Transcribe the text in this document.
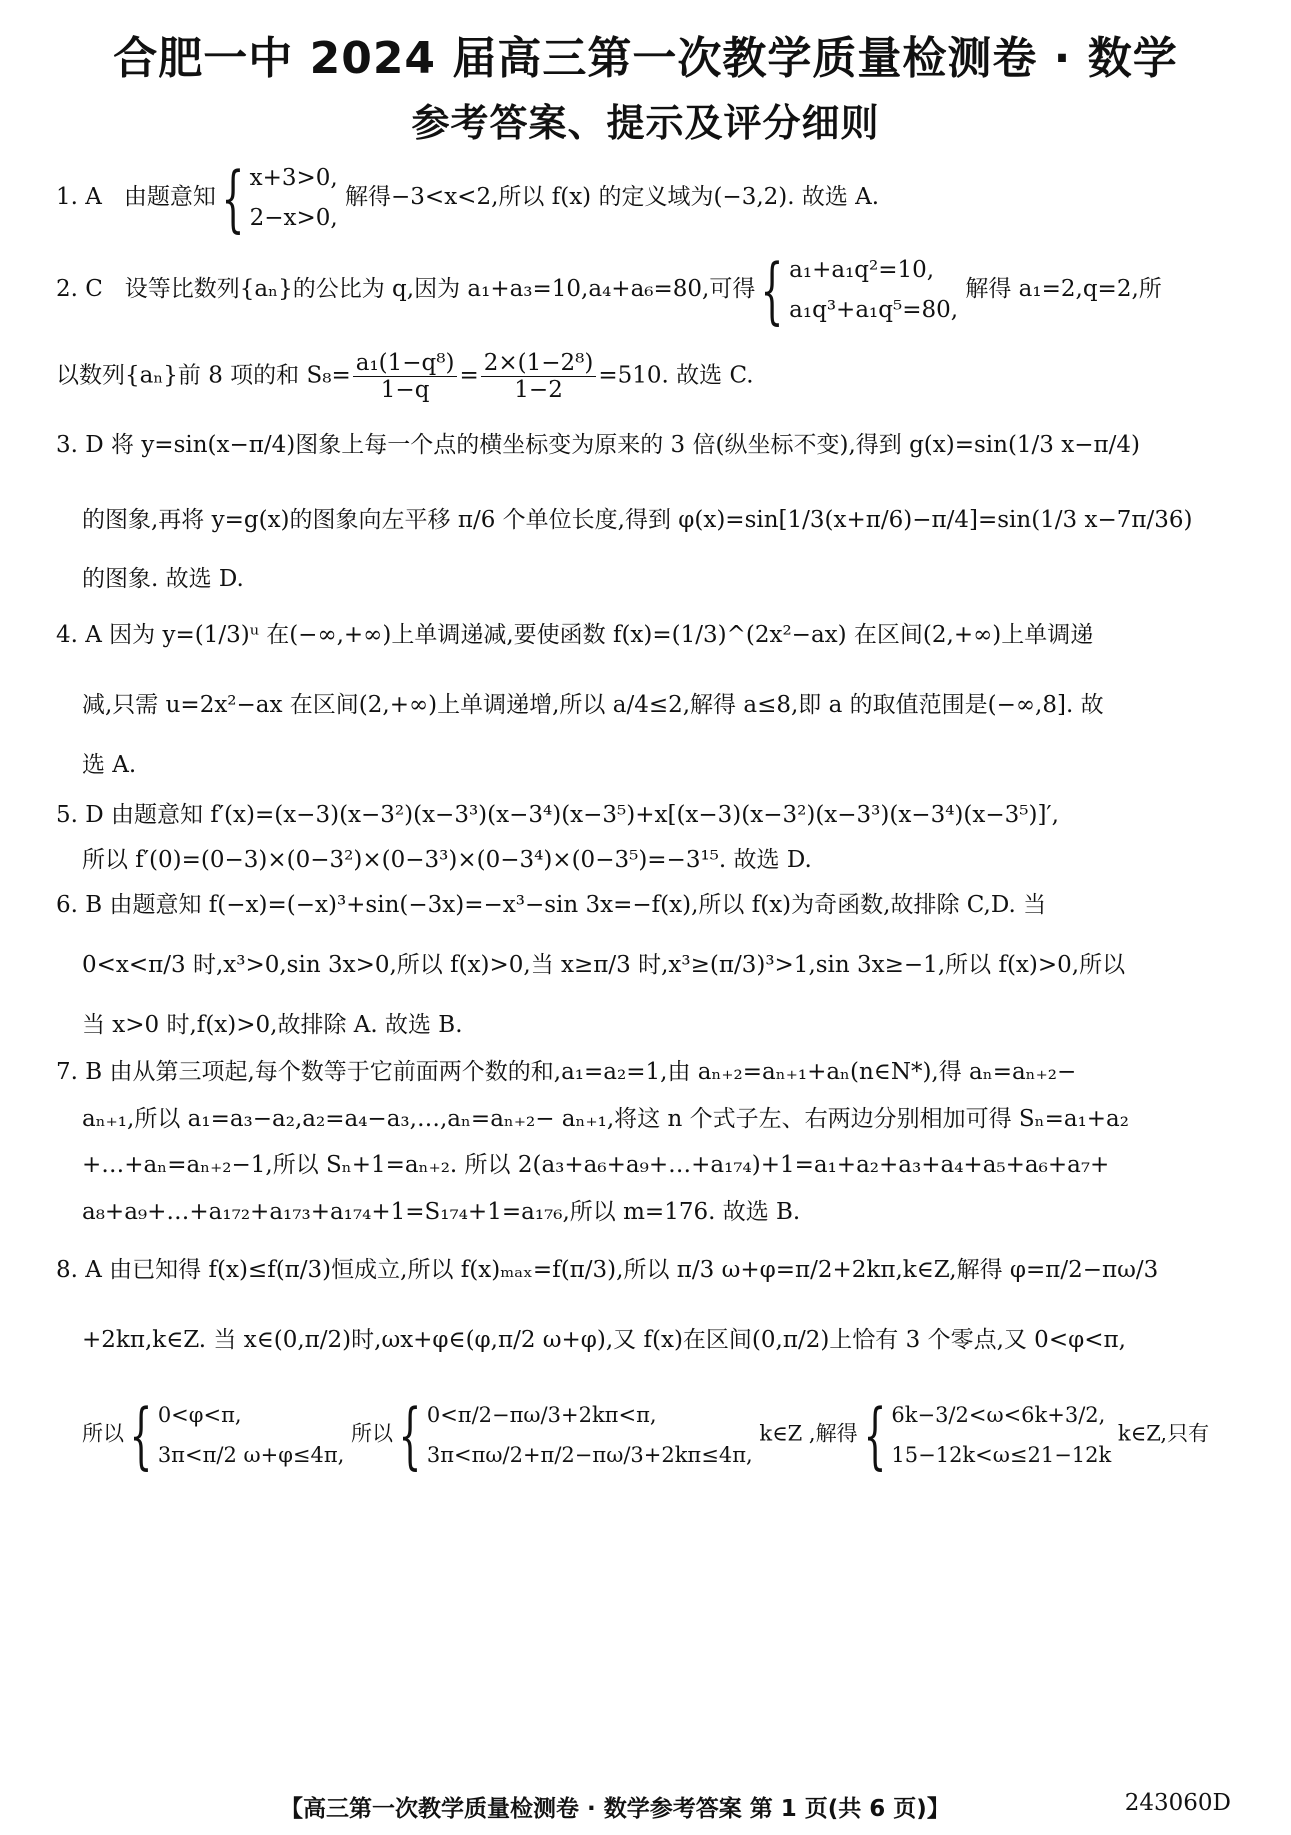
合肥一中 2024 届高三第一次教学质量检测卷 · 数学
参考答案、提示及评分细则
1. A 由题意知{ x+3>0,
2−x>0,
解得−3<x<2,所以 f(x) 的定义域为(−3,2). 故选 A.
2. C 设等比数列{aₙ}的公比为 q,因为 a₁+a₃=10,a₄+a₆=80,可得{ a₁+a₁q²=10,
a₁q³+a₁q⁵=80,
解得 a₁=2,q=2,所
以数列{aₙ}前 8 项的和 $S_8= \frac{\text{a₁(1−q⁸)}}{1-q} = \frac{\text{2×(1−2⁸)}}{1-2} =510$. 故选 C.
3. D 将 y=sin(x−π/4)图象上每一个点的横坐标变为原来的 3 倍(纵坐标不变),得到 g(x)=sin(1/3 x−π/4)
的图象,再将 y=g(x)的图象向左平移 π/6 个单位长度,得到 φ(x)=sin[1/3(x+π/6)−π/4]=sin(1/3 x−7π/36)
的图象. 故选 D.
4. A 因为 y=(1/3)ᵘ 在(−∞,+∞)上单调递减,要使函数 f(x)=(1/3)^(2x²−ax) 在区间(2,+∞)上单调递
减,只需 u=2x²−ax 在区间(2,+∞)上单调递增,所以 a/4≤2,解得 a≤8,即 a 的取值范围是(−∞,8]. 故
选 A.
5. D 由题意知 f′(x)=(x−3)(x−3²)(x−3³)(x−3⁴)(x−3⁵)+x[(x−3)(x−3²)(x−3³)(x−3⁴)(x−3⁵)]′,
所以 f′(0)=(0−3)×(0−3²)×(0−3³)×(0−3⁴)×(0−3⁵)=−3¹⁵. 故选 D.
6. B 由题意知 f(−x)=(−x)³+sin(−3x)=−x³−sin 3x=−f(x),所以 f(x)为奇函数,故排除 C,D. 当
0<x<π/3 时,x³>0,sin 3x>0,所以 f(x)>0,当 x≥π/3 时,x³≥(π/3)³>1,sin 3x≥−1,所以 f(x)>0,所以
当 x>0 时,f(x)>0,故排除 A. 故选 B.
7. B 由从第三项起,每个数等于它前面两个数的和,a₁=a₂=1,由 aₙ₊₂=aₙ₊₁+aₙ(n∈N*),得 aₙ=aₙ₊₂−
aₙ₊₁,所以 a₁=a₃−a₂,a₂=a₄−a₃,…,aₙ=aₙ₊₂− aₙ₊₁,将这 n 个式子左、右两边分别相加可得 Sₙ=a₁+a₂
+…+aₙ=aₙ₊₂−1,所以 Sₙ+1=aₙ₊₂. 所以 2(a₃+a₆+a₉+…+a₁₇₄)+1=a₁+a₂+a₃+a₄+a₅+a₆+a₇+
a₈+a₉+…+a₁₇₂+a₁₇₃+a₁₇₄+1=S₁₇₄+1=a₁₇₆,所以 m=176. 故选 B.
8. A 由已知得 f(x)≤f(π/3)恒成立,所以 f(x)ₘₐₓ=f(π/3),所以 π/3 ω+φ=π/2+2kπ,k∈Z,解得 φ=π/2−πω/3
+2kπ,k∈Z. 当 x∈(0,π/2)时,ωx+φ∈(φ,π/2 ω+φ),又 f(x)在区间(0,π/2)上恰有 3 个零点,又 0<φ<π,
所以{ 0<φ<π,
3π<π/2 ω+φ≤4π,
所以{ 0<π/2−πω/3+2kπ<π,
3π<πω/2+π/2−πω/3+2kπ≤4π,
k∈Z ,解得{ 6k−3/2<ω<6k+3/2,
15−12k<ω≤21−12k
k∈Z,只有
【高三第一次教学质量检测卷 · 数学参考答案 第 1 页(共 6 页)】	243060D
